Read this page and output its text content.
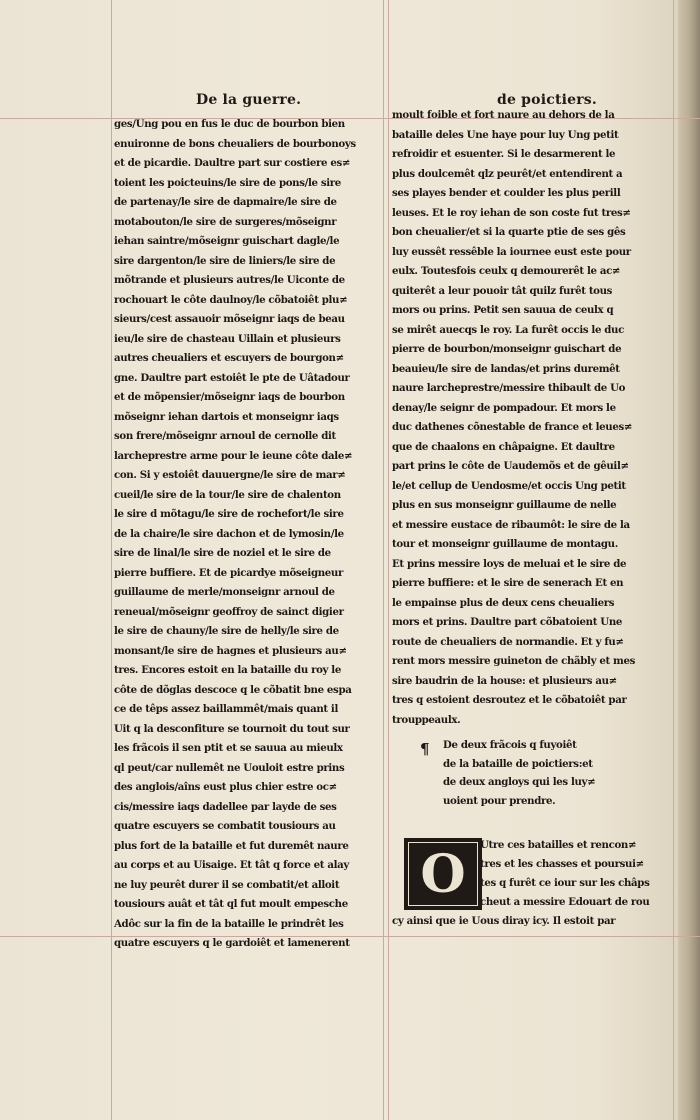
De la guerre.	de poictiers.
ges/Ung pou en fus le duc de bourbon bien
enuironne de bons cheualiers de bourbonoys
et de picardie. Daultre part sur costiere es≠
toient les poicteuins/le sire de pons/le sire
de partenay/le sire de dapmaire/le sire de
motabouton/le sire de surgeres/mõseignr
iehan saintre/mõseignr guischart dagle/le
sire dargenton/le sire de liniers/le sire de
mõtrande et plusieurs autres/le Uiconte de
rochouart le côte daulnoy/le cõbatoiêt plu≠
sieurs/cest assauoir mõseignr iaqs de beau
ieu/le sire de chasteau Uillain et plusieurs
autres cheualiers et escuyers de bourgon≠
gne. Daultre part estoiêt le pte de Uâtadour
et de mõpensier/mõseignr iaqs de bourbon
mõseignr iehan dartois et monseignr iaqs
son frere/mõseignr arnoul de cernolle dit
larcheprestre arme pour le ieune côte dale≠
con. Si y estoiêt dauuergne/le sire de mar≠
cueil/le sire de la tour/le sire de chalenton
le sire d mõtagu/le sire de rochefort/le sire
de la chaire/le sire dachon et de lymosin/le
sire de linal/le sire de noziel et le sire de
pierre buffiere. Et de picardye mõseigneur
guillaume de merle/monseignr arnoul de
reneual/mõseignr geoffroy de sainct digier
le sire de chauny/le sire de helly/le sire de
monsant/le sire de hagnes et plusieurs au≠
tres. Encores estoit en la bataille du roy le
côte de dõglas descoce q le cõbatit bne espa
ce de têps assez baillammêt/mais quant il
Uit q la desconfiture se tournoit du tout sur
les frãcois il sen ptit et se sauua au mieulx
ql peut/car nullemêt ne Uouloit estre prins
des anglois/aîns eust plus chier estre oc≠
cis/messire iaqs dadellee par layde de ses
quatre escuyers se combatit tousiours au
plus fort de la bataille et fut duremêt naure
au corps et au Uisaige. Et tât q force et alay
ne luy peurêt durer il se combatit/et alloit
tousiours auât et tât ql fut moult empesche
Adôc sur la fin de la bataille le prindrêt les
quatre escuyers q le gardoiêt et lamenerent
moult foible et fort naure au dehors de la
bataille deles Une haye pour luy Ung petit
refroidir et esuenter. Si le desarmerent le
plus doulcemêt qlz peurêt/et entendirent a
ses playes bender et coulder les plus perill
leuses. Et le roy iehan de son coste fut tres≠
bon cheualier/et si la quarte ptie de ses gês
luy eussêt ressêble la iournee eust este pour
eulx. Toutesfois ceulx q demourerêt le ac≠
quiterêt a leur pouoir tât quilz furêt tous
mors ou prins. Petit sen sauua de ceulx q
se mirêt auecqs le roy. La furêt occis le duc
pierre de bourbon/monseignr guischart de
beauieu/le sire de landas/et prins duremêt
naure larcheprestre/messire thibault de Uo
denay/le seignr de pompadour. Et mors le
duc dathenes cõnestable de france et leues≠
que de chaalons en châpaigne. Et daultre
part prins le côte de Uaudemõs et de gêuil≠
le/et cellup de Uendosme/et occis Ung petit
plus en sus monseignr guillaume de nelle
et messire eustace de ribaumôt: le sire de la
tour et monseignr guillaume de montagu.
Et prins messire loys de meluai et le sire de
pierre buffiere: et le sire de senerach Et en
le empainse plus de deux cens cheualiers
mors et prins. Daultre part cõbatoient Une
route de cheualiers de normandie. Et y fu≠
rent mors messire guineton de chãbly et mes
sire baudrin de la house: et plusieurs au≠
tres q estoient desroutez et le cõbatoiêt par
trouppeaulx.
¶ De deux frãcois q fuyoiêt
de la bataille de poictiers:et
de deux angloys qui les luy≠
uoient pour prendre.
O	Utre ces batailles et rencon≠
tres et les chasses et poursui≠
tes q furêt ce iour sur les châps
cheut a messire Edouart de rou
cy ainsi que ie Uous diray icy. Il estoit par
